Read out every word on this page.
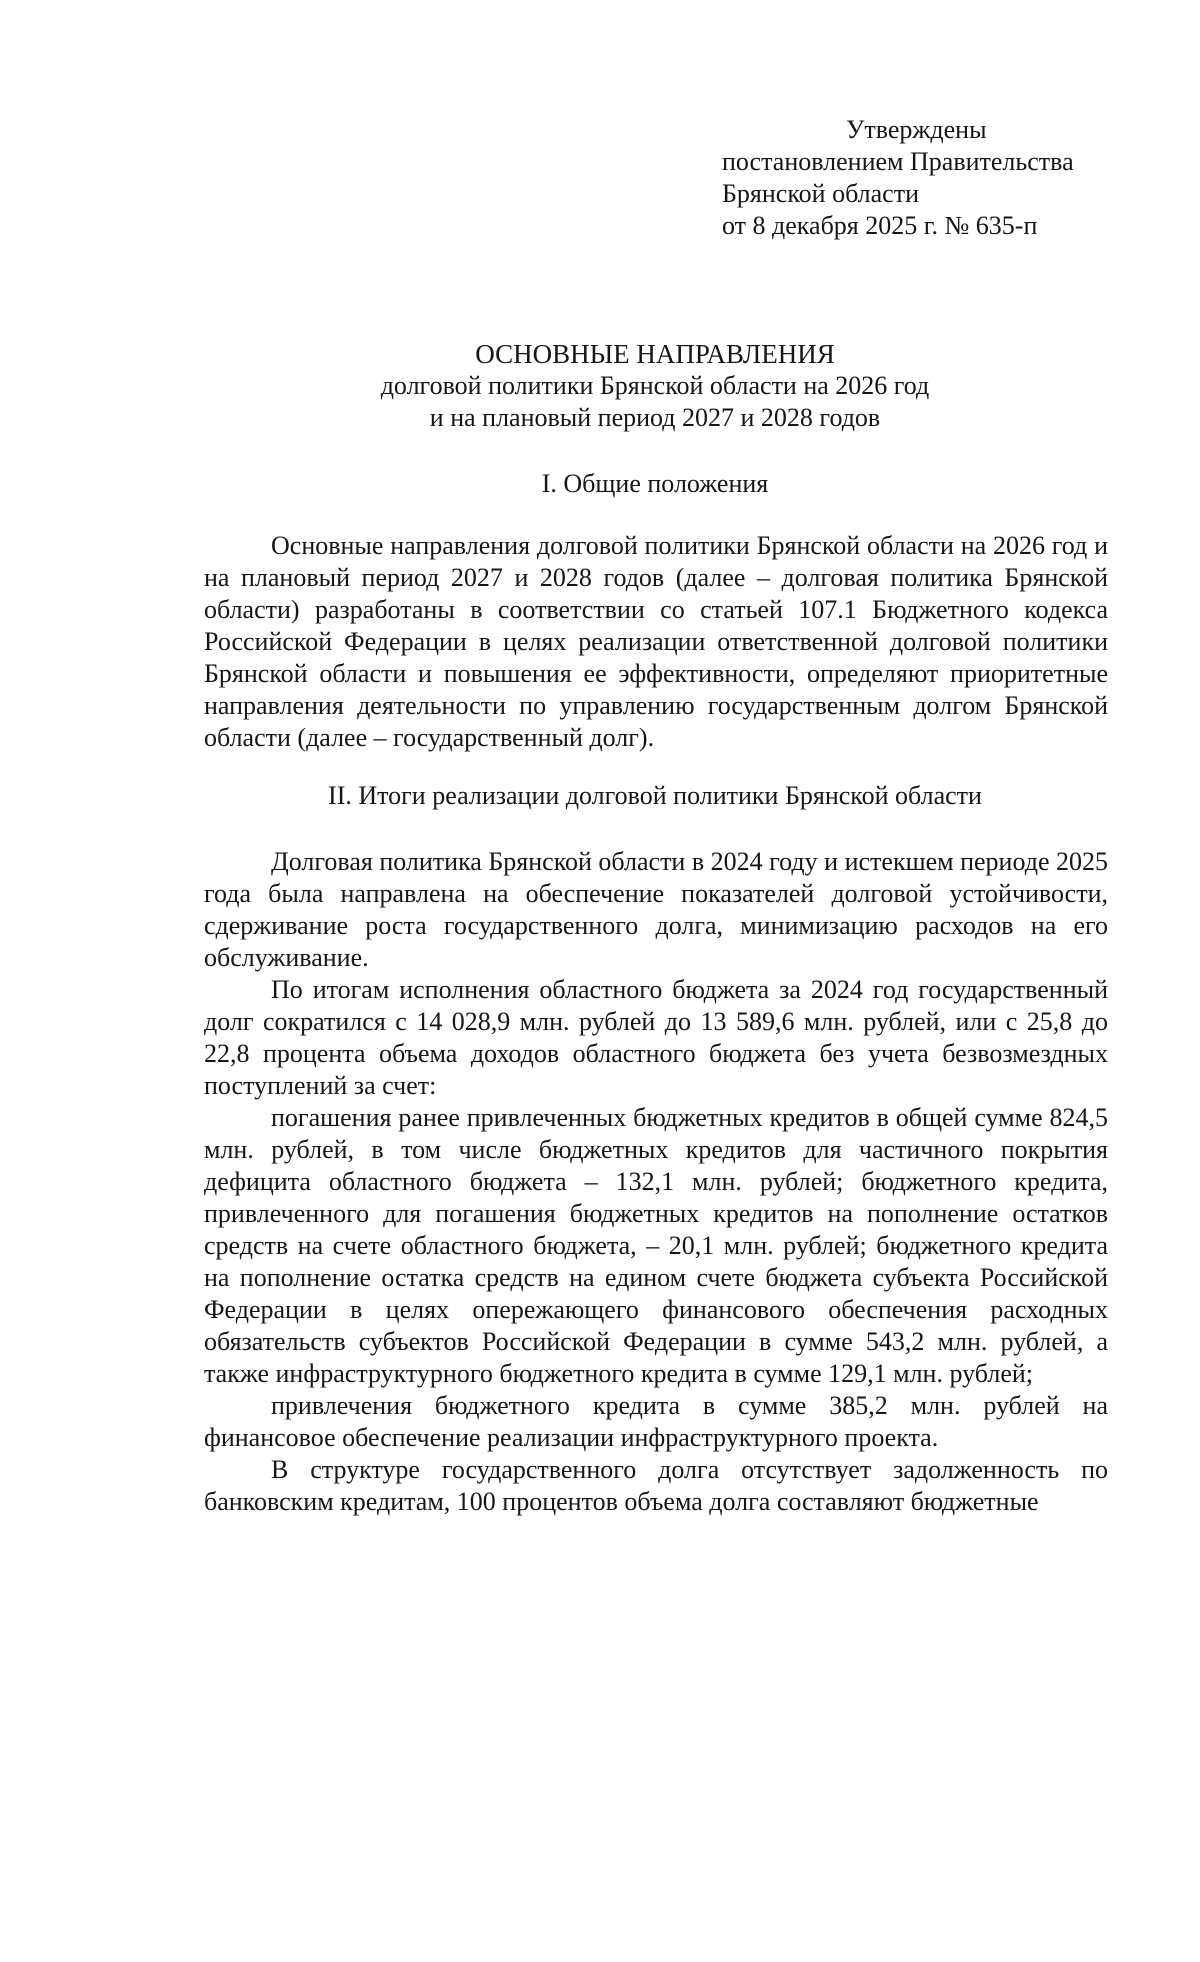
Утверждены
постановлением Правительства
Брянской области
от 8 декабря 2025 г. № 635-п
ОСНОВНЫЕ НАПРАВЛЕНИЯ
долговой политики Брянской области на 2026 год
и на плановый период 2027 и 2028 годов
I. Общие положения

Основные направления долговой политики Брянской области на 2026 год и на плановый период 2027 и 2028 годов (далее – долговая политика Брянской области) разработаны в соответствии со статьей 107.1 Бюджетного кодекса Российской Федерации в целях реализации ответственной долговой политики Брянской области и повышения ее эффективности, определяют приоритетные направления деятельности по управлению государственным долгом Брянской области (далее – государственный долг).

II. Итоги реализации долговой политики Брянской области

Долговая политика Брянской области в 2024 году и истекшем периоде 2025 года была направлена на обеспечение показателей долговой устойчивости, сдерживание роста государственного долга, минимизацию расходов на его обслуживание.

По итогам исполнения областного бюджета за 2024 год государственный долг сократился с 14 028,9 млн. рублей до 13 589,6 млн. рублей, или с 25,8 до 22,8 процента объема доходов областного бюджета без учета безвозмездных поступлений за счет:

погашения ранее привлеченных бюджетных кредитов в общей сумме 824,5 млн. рублей, в том числе бюджетных кредитов для частичного покрытия дефицита областного бюджета – 132,1 млн. рублей; бюджетного кредита, привлеченного для погашения бюджетных кредитов на пополнение остатков средств на счете областного бюджета, – 20,1 млн. рублей; бюджетного кредита на пополнение остатка средств на едином счете бюджета субъекта Российской Федерации в целях опережающего финансового обеспечения расходных обязательств субъектов Российской Федерации в сумме 543,2 млн. рублей, а также инфраструктурного бюджетного кредита в сумме 129,1 млн. рублей;

привлечения бюджетного кредита в сумме 385,2 млн. рублей на финансовое обеспечение реализации инфраструктурного проекта.

В структуре государственного долга отсутствует задолженность по банковским кредитам, 100 процентов объема долга составляют бюджетные
